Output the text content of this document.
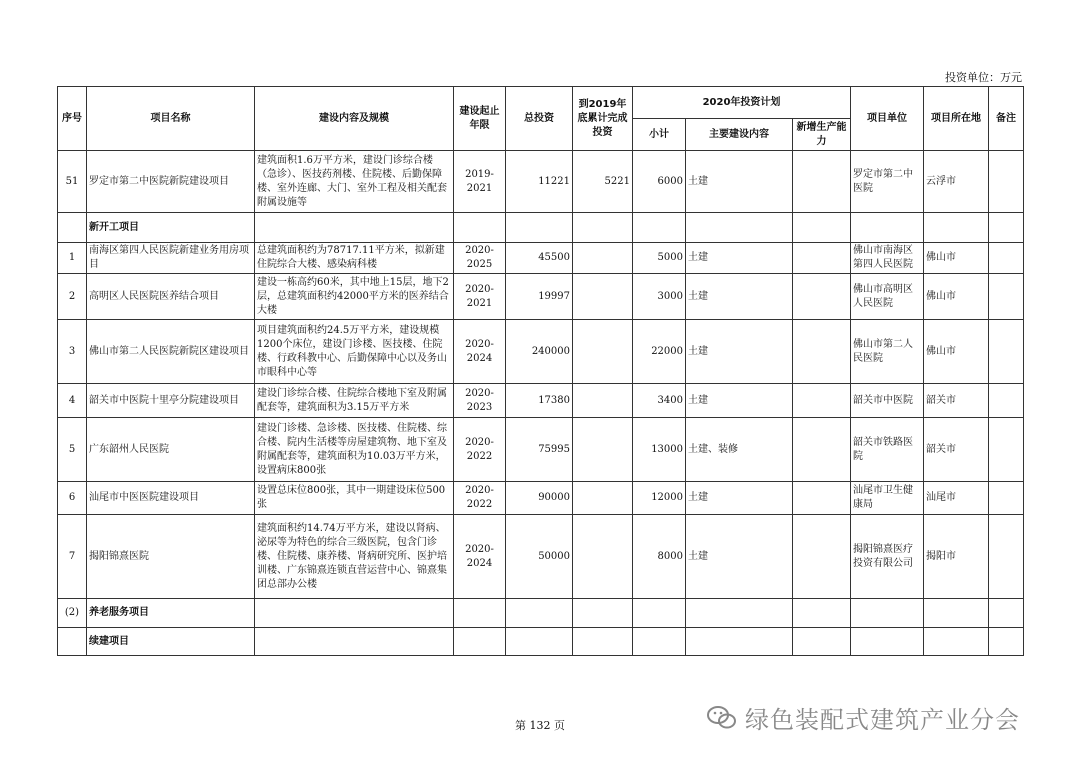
投资单位：万元
序号	项目名称	建设内容及规模	建设起止年限	总投资	到2019年底累计完成投资	2020年投资计划			项目单位	项目所在地	备注
						小计	主要建设内容	新增生产能力			
51	罗定市第二中医院新院建设项目	建筑面积1.6万平方米，建设门诊综合楼（急诊）、医技药剂楼、住院楼、后勤保障楼、室外连廊、大门、室外工程及相关配套附属设施等	2019-2021	11221	5221	6000	土建		罗定市第二中医院	云浮市	
	新开工项目										
1	南海区第四人民医院新建业务用房项目	总建筑面积约为78717.11平方米，拟新建住院综合大楼、感染病科楼	2020-2025	45500		5000	土建		佛山市南海区第四人民医院	佛山市	
2	高明区人民医院医养结合项目	建设一栋高约60米，其中地上15层，地下2层，总建筑面积约42000平方米的医养结合大楼	2020-2021	19997		3000	土建		佛山市高明区人民医院	佛山市	
3	佛山市第二人民医院新院区建设项目	项目建筑面积约24.5万平方米，建设规模1200个床位，建设门诊楼、医技楼、住院楼、行政科教中心、后勤保障中心以及务山市眼科中心等	2020-2024	240000		22000	土建		佛山市第二人民医院	佛山市	
4	韶关市中医院十里亭分院建设项目	建设门诊综合楼、住院综合楼地下室及附属配套等，建筑面积为3.15万平方米	2020-2023	17380		3400	土建		韶关市中医院	韶关市	
5	广东韶州人民医院	建设门诊楼、急诊楼、医技楼、住院楼、综合楼、院内生活楼等房屋建筑物、地下室及附属配套等，建筑面积为10.03万平方米，设置病床800张	2020-2022	75995		13000	土建、装修		韶关市铁路医院	韶关市	
6	汕尾市中医医院建设项目	设置总床位800张，其中一期建设床位500张	2020-2022	90000		12000	土建		汕尾市卫生健康局	汕尾市	
7	揭阳锦熹医院	建筑面积约14.74万平方米，建设以肾病、泌尿等为特色的综合三级医院，包含门诊楼、住院楼、康养楼、肾病研究所、医护培训楼、广东锦熹连锁直营运营中心、锦熹集团总部办公楼	2020-2024	50000		8000	土建		揭阳锦熹医疗投资有限公司	揭阳市	
(2)	养老服务项目										
	续建项目										
绿色装配式建筑产业分会
第 132 页
